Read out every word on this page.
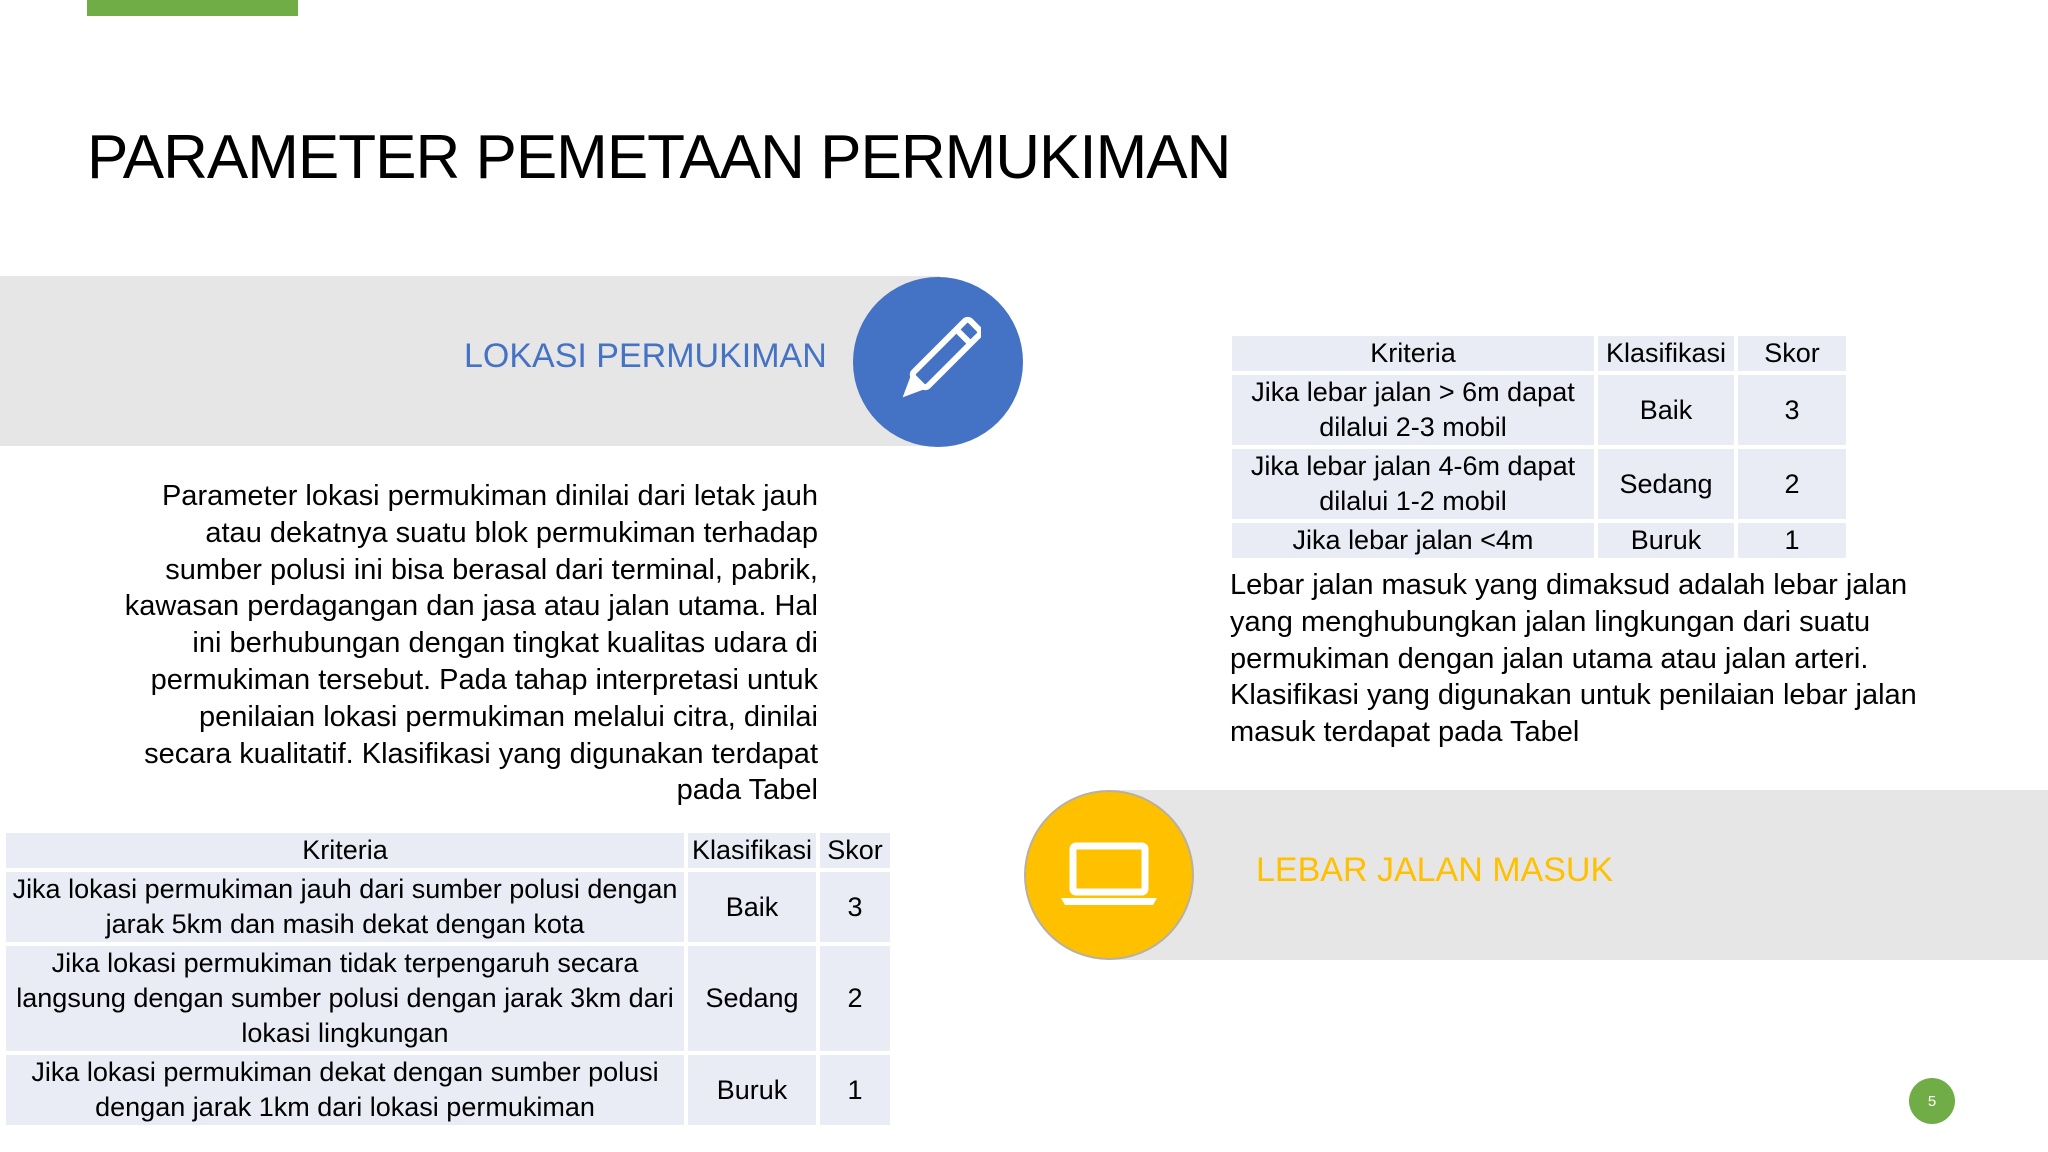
PARAMETER PEMETAAN PERMUKIMAN
LOKASI PERMUKIMAN
Parameter lokasi permukiman dinilai dari letak jauh atau dekatnya suatu blok permukiman terhadap sumber polusi ini bisa berasal dari terminal, pabrik, kawasan perdagangan dan jasa atau jalan utama. Hal ini berhubungan dengan tingkat kualitas udara di permukiman tersebut. Pada tahap interpretasi untuk penilaian lokasi permukiman melalui citra, dinilai secara kualitatif. Klasifikasi yang digunakan terdapat pada Tabel
Kriteria	Klasifikasi	Skor
Jika lokasi permukiman jauh dari sumber polusi dengan jarak 5km dan masih dekat dengan kota	Baik	3
Jika lokasi permukiman tidak terpengaruh secara langsung dengan sumber polusi dengan jarak 3km dari lokasi lingkungan	Sedang	2
Jika lokasi permukiman dekat dengan sumber polusi dengan jarak 1km dari lokasi permukiman	Buruk	1
Kriteria	Klasifikasi	Skor
Jika lebar jalan > 6m dapat dilalui 2-3 mobil	Baik	3
Jika lebar jalan 4-6m dapat dilalui 1-2 mobil	Sedang	2
Jika lebar jalan <4m	Buruk	1
Lebar jalan masuk yang dimaksud adalah lebar jalan yang menghubungkan jalan lingkungan dari suatu permukiman dengan jalan utama atau jalan arteri. Klasifikasi yang digunakan untuk penilaian lebar jalan masuk terdapat pada Tabel
LEBAR JALAN MASUK
5
